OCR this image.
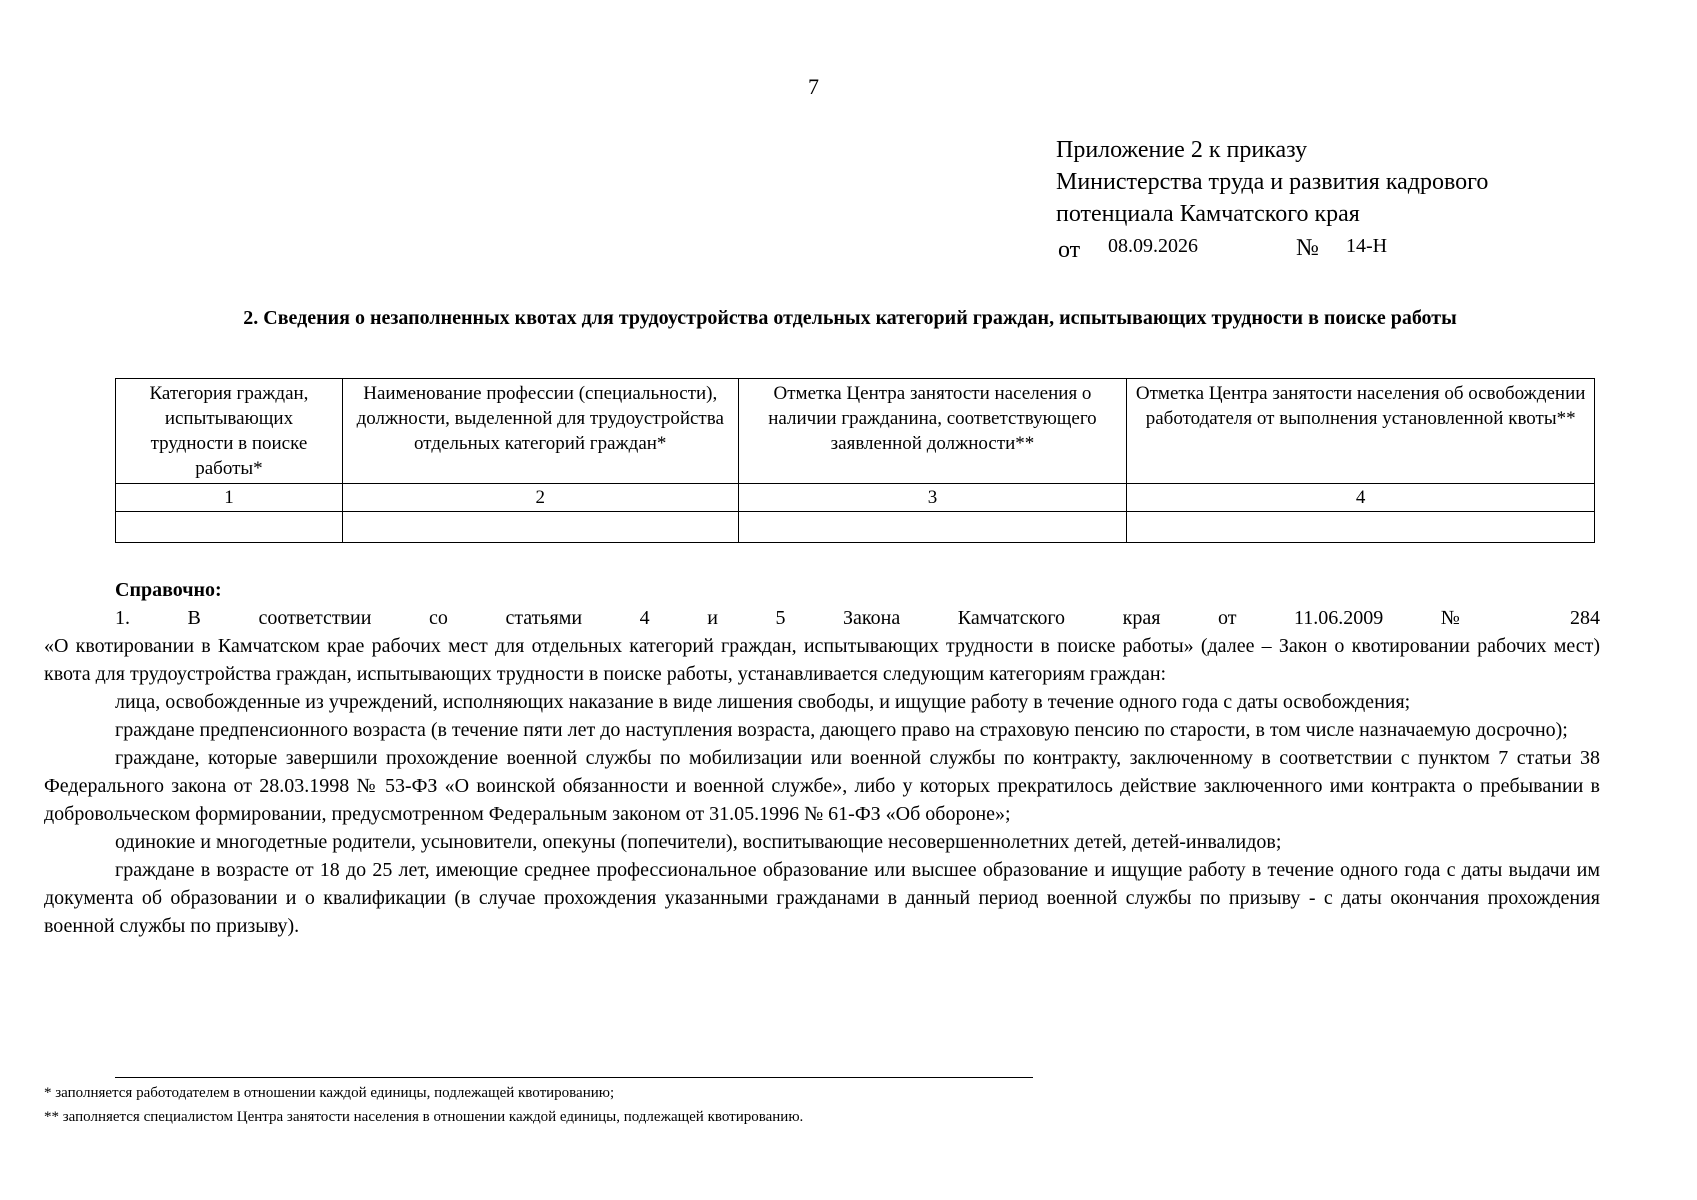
7
Приложение 2 к приказу
Министерства труда и развития кадрового
потенциала Камчатского края
от 08.09.2026	№ 14-Н
2. Сведения о незаполненных квотах для трудоустройства отдельных категорий граждан, испытывающих трудности в поиске работы
Категория граждан, испытывающих трудности в поиске работы*	Наименование профессии (специальности), должности, выделенной для трудоустройства отдельных категорий граждан*	Отметка Центра занятости населения о наличии гражданина, соответствующего заявленной должности**	Отметка Центра занятости населения об освобождении работодателя от выполнения установленной квоты**
1	2	3	4

Справочно:

1. В соответствии со статьями 4 и 5 Закона Камчатского края от 11.06.2009 № 284

«О квотировании в Камчатском крае рабочих мест для отдельных категорий граждан, испытывающих трудности в поиске работы» (далее – Закон о квотировании рабочих мест) квота для трудоустройства граждан, испытывающих трудности в поиске работы, устанавливается следующим категориям граждан:

лица, освобожденные из учреждений, исполняющих наказание в виде лишения свободы, и ищущие работу в течение одного года с даты освобождения;

граждане предпенсионного возраста (в течение пяти лет до наступления возраста, дающего право на страховую пенсию по старости, в том числе назначаемую досрочно);

граждане, которые завершили прохождение военной службы по мобилизации или военной службы по контракту, заключенному в соответствии с пунктом 7 статьи 38 Федерального закона от 28.03.1998 № 53-ФЗ «О воинской обязанности и военной службе», либо у которых прекратилось действие заключенного ими контракта о пребывании в добровольческом формировании, предусмотренном Федеральным законом от 31.05.1996 № 61-ФЗ «Об обороне»;

одинокие и многодетные родители, усыновители, опекуны (попечители), воспитывающие несовершеннолетних детей, детей-инвалидов;

граждане в возрасте от 18 до 25 лет, имеющие среднее профессиональное образование или высшее образование и ищущие работу в течение одного года с даты выдачи им документа об образовании и о квалификации (в случае прохождения указанными гражданами в данный период военной службы по призыву - с даты окончания прохождения военной службы по призыву).

* заполняется работодателем в отношении каждой единицы, подлежащей квотированию;
** заполняется специалистом Центра занятости населения в отношении каждой единицы, подлежащей квотированию.
